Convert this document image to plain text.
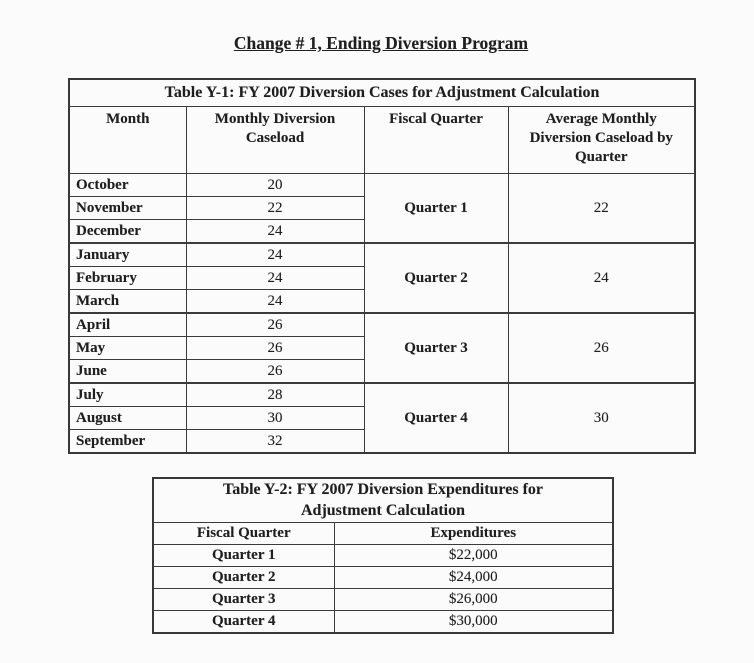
Change # 1, Ending Diversion Program
Table Y-1: FY 2007 Diversion Cases for Adjustment Calculation			
Month	Monthly Diversion Caseload	Fiscal Quarter	Average Monthly Diversion Caseload by Quarter
October	20	Quarter 1	22
November	22		
December	24		
January	24	Quarter 2	24
February	24		
March	24		
April	26	Quarter 3	26
May	26		
June	26		
July	28	Quarter 4	30
August	30		
September	32		
Table Y-2: FY 2007 Diversion Expenditures for Adjustment Calculation	
Fiscal Quarter	Expenditures
Quarter 1	$22,000
Quarter 2	$24,000
Quarter 3	$26,000
Quarter 4	$30,000
